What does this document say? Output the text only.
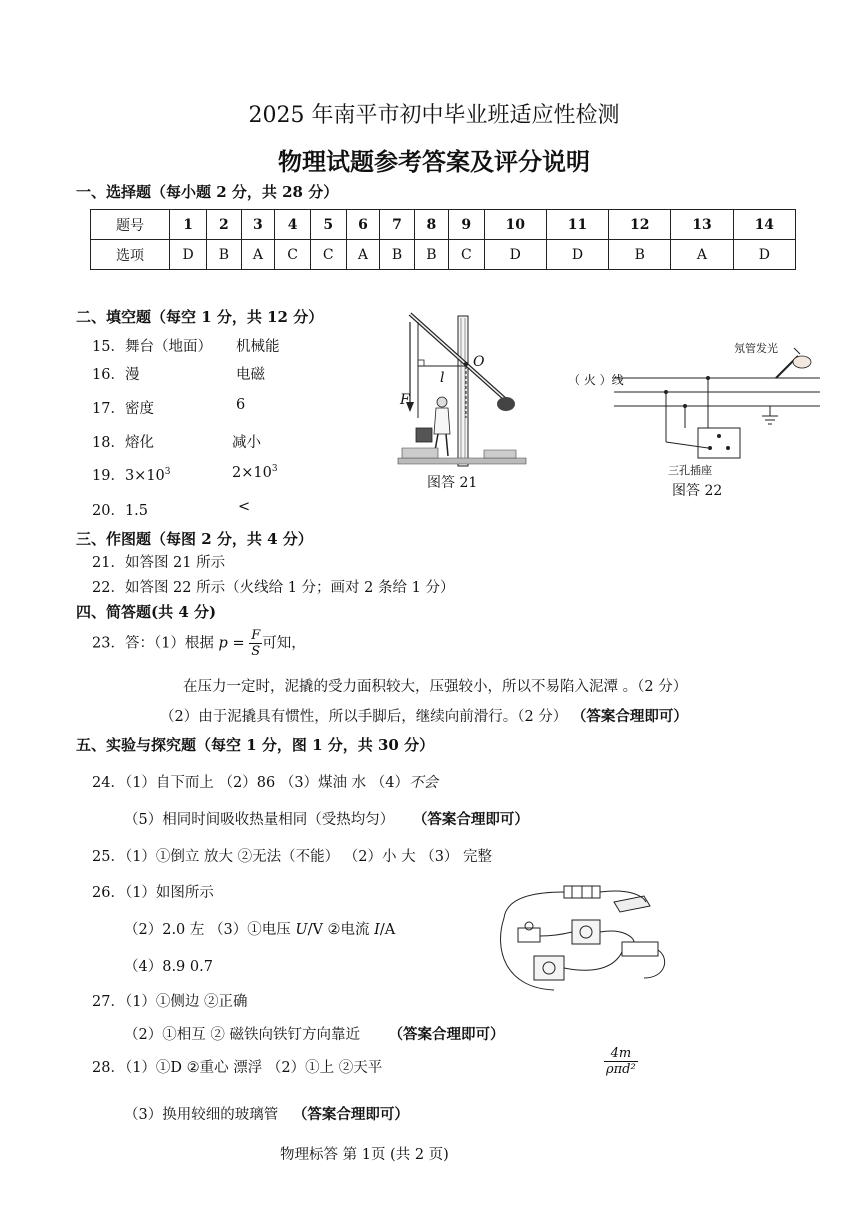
2025 年南平市初中毕业班适应性检测
物理试题参考答案及评分说明
一、选择题（每小题 2 分，共 28 分）
题号	1	2	3	4	5	6	7	8	9	10	11	12	13	14
选项	D	B	A	C	C	A	B	B	C	D	D	B	A	D
二、填空题（每空 1 分，共 12 分）
15．舞台（地面） 机械能
16．漫	电磁
17．密度	6
18．熔化	减小
19．$3\times 10^3$	$2\times 10^3$
20．1.5	<
O
l
F
图答 21
氖管发光
（ 火 ）线
三孔插座
图答 22
三、作图题（每图 2 分，共 4 分）
21．如答图 21 所示
22．如答图 22 所示（火线给 1 分；画对 2 条给 1 分）
四、简答题(共 4 分)
23．答：（1）根据 $p = \frac{F}{S}$ 可知，
在压力一定时，泥撬的受力面积较大，压强较小，所以不易陷入泥潭 。（2 分）
（2）由于泥撬具有惯性，所以手脚后，继续向前滑行。（2 分） （答案合理即可）
五、实验与探究题（每空 1 分，图 1 分，共 30 分）
24．（1）自下而上 （2）86 （3）煤油 水 （4）不会
（5）相同时间吸收热量相同（受热均匀） （答案合理即可）
25．（1）①倒立 放大 ②无法（不能） （2）小 大 （3） 完整
26．（1）如图所示
（2）2.0 左 （3）①电压 U/V ②电流 I/A
（4）8.9 0.7
27．（1）①侧边 ②正确
（2）①相互 ② 磁铁向铁钉方向靠近 （答案合理即可）
28．（1）①D ②重心 漂浮 （2）①上 ②天平	$\frac{4m}{\text{ρπd²}}$
（3）换用较细的玻璃管 （答案合理即可）
物理标答 第 1页 (共 2 页)
